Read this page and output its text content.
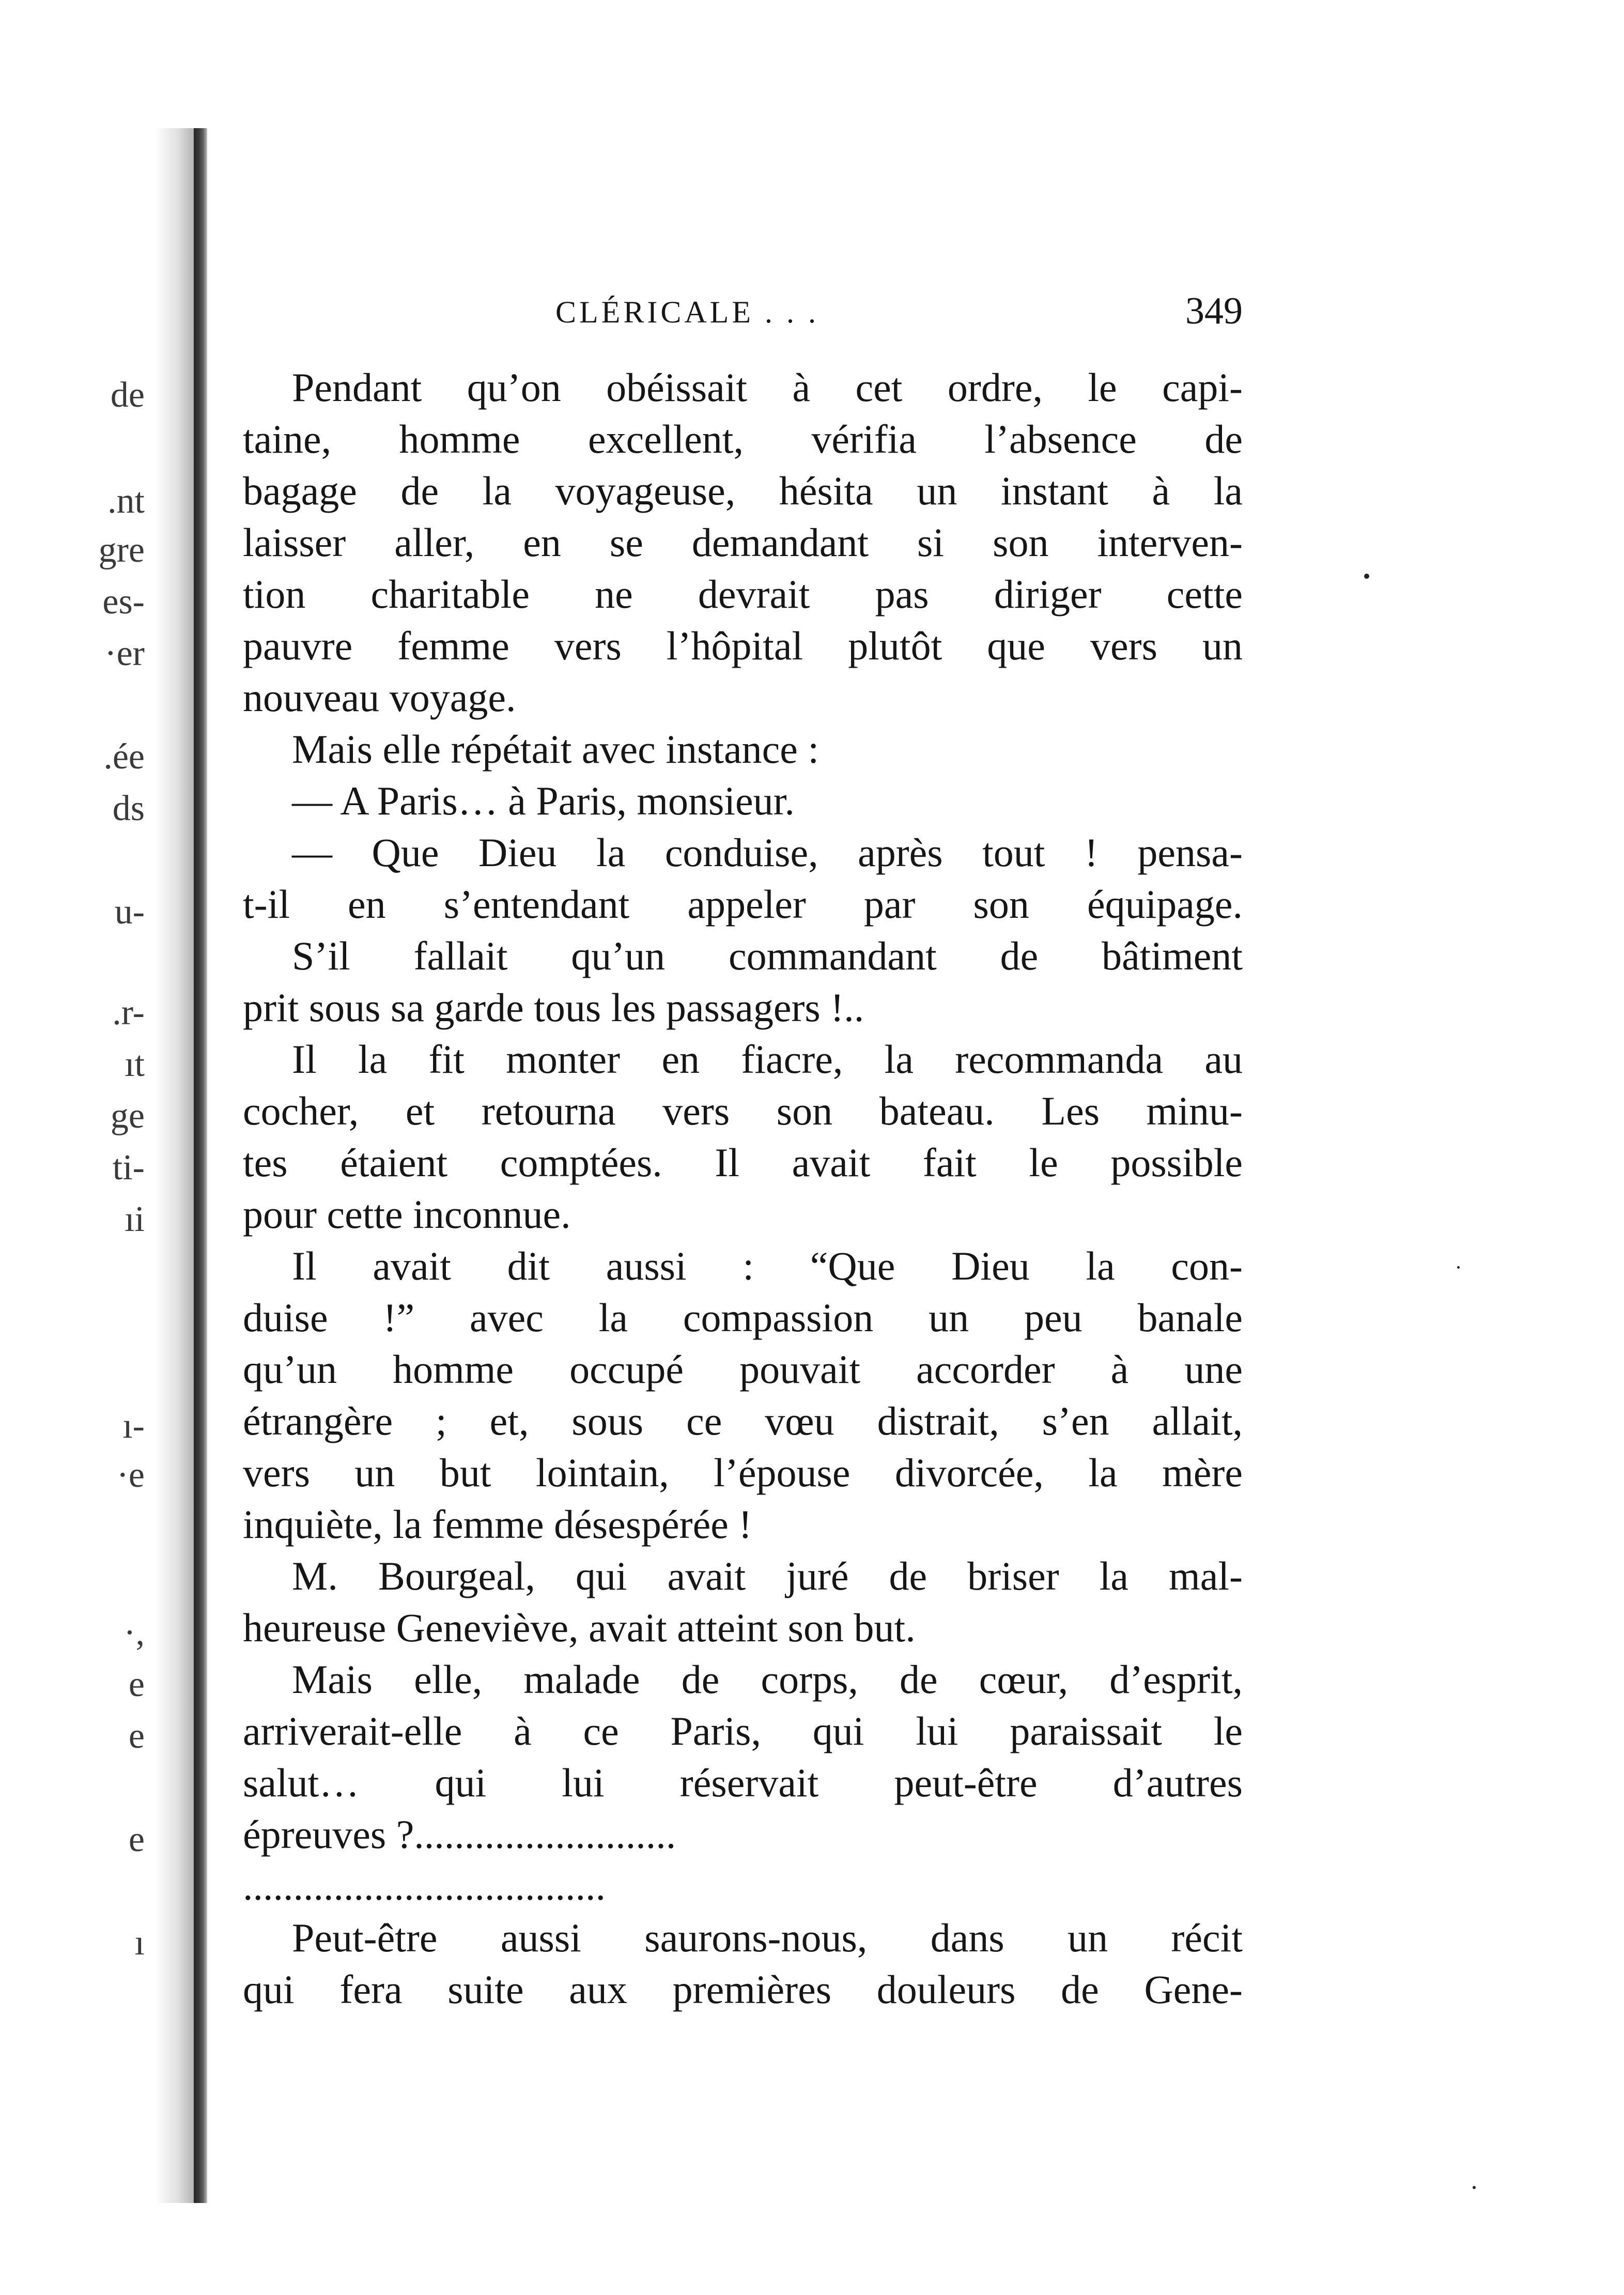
de
.nt
gre
es-
·er
.ée
ds
u-
.r-
ıt
ge
ti-
ıi
ı-
·e
·,
e
e
e
ı
CLÉRICALE . . .	349
Pendant qu’on obéissait à cet ordre, le capi-
taine, homme excellent, vérifia l’absence de
bagage de la voyageuse, hésita un instant à la
laisser aller, en se demandant si son interven-
tion charitable ne devrait pas diriger cette
pauvre femme vers l’hôpital plutôt que vers un
nouveau voyage.
Mais elle répétait avec instance :
— A Paris… à Paris, monsieur.
— Que Dieu la conduise, après tout ! pensa-
t-il en s’entendant appeler par son équipage.
S’il fallait qu’un commandant de bâtiment
prit sous sa garde tous les passagers !..
Il la fit monter en fiacre, la recommanda au
cocher, et retourna vers son bateau. Les minu-
tes étaient comptées. Il avait fait le possible
pour cette inconnue.
Il avait dit aussi : “Que Dieu la con-
duise !” avec la compassion un peu banale
qu’un homme occupé pouvait accorder à une
étrangère ; et, sous ce vœu distrait, s’en allait,
vers un but lointain, l’épouse divorcée, la mère
inquiète, la femme désespérée !
M. Bourgeal, qui avait juré de briser la mal-
heureuse Geneviève, avait atteint son but.
Mais elle, malade de corps, de cœur, d’esprit,
arriverait-elle à ce Paris, qui lui paraissait le
salut… qui lui réservait peut-être d’autres
épreuves ?..........................
....................................
Peut-être aussi saurons-nous, dans un récit
qui fera suite aux premières douleurs de Gene-
